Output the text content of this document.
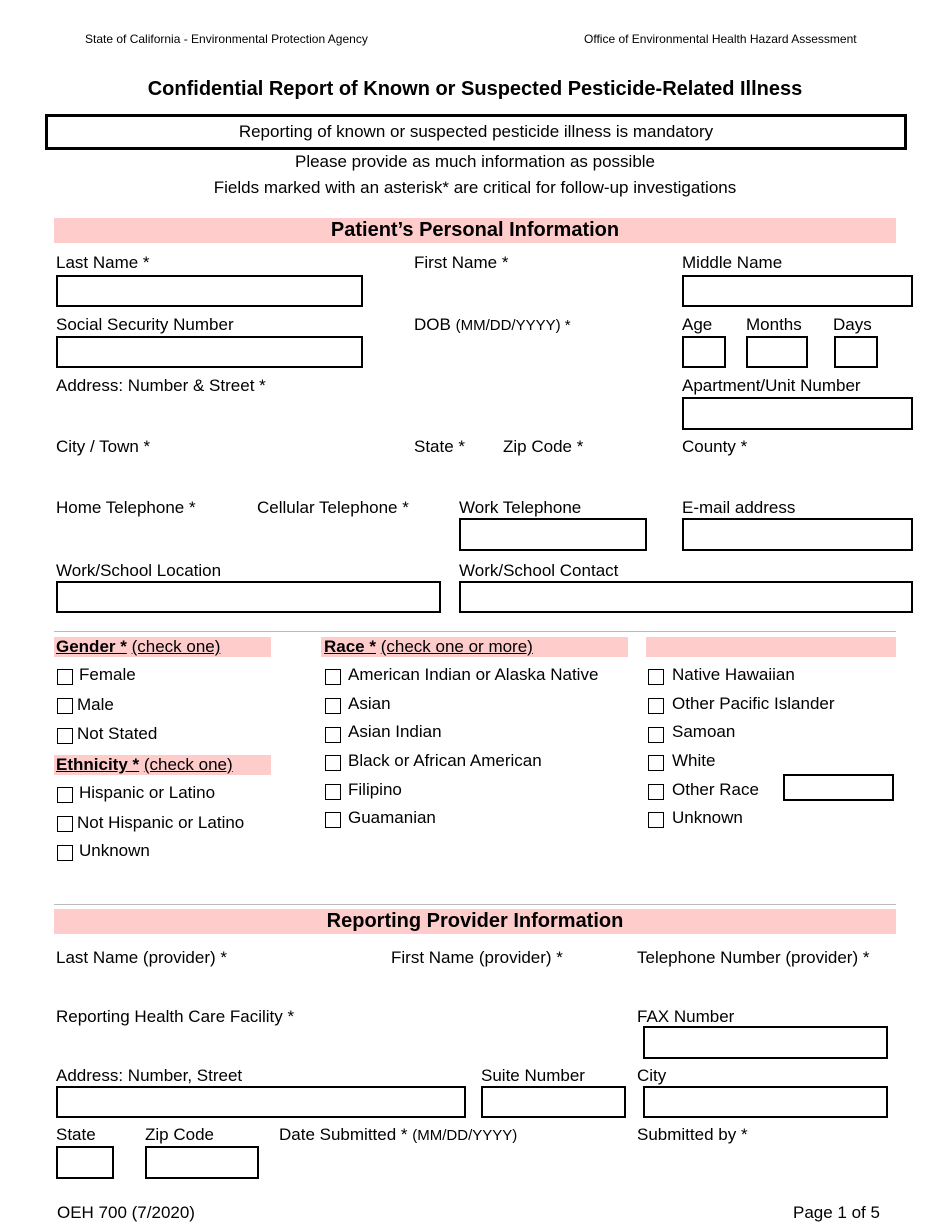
State of California - Environmental Protection Agency	Office of Environmental Health Hazard Assessment
Confidential Report of Known or Suspected Pesticide-Related Illness
Reporting of known or suspected pesticide illness is mandatory
Please provide as much information as possible
Fields marked with an asterisk* are critical for follow-up investigations
Patient’s Personal Information
Last Name *	First Name *	Middle Name
Social Security Number	DOB (MM/DD/YYYY) *	Age Months Days
Address: Number & Street *	Apartment/Unit Number
City / Town *	State * Zip Code *	County *
Home Telephone *	Cellular Telephone *	Work Telephone	E-mail address
Work/School Location	Work/School Contact
Gender * (check one)	Race * (check one or more)
Female
Male
Not Stated
Ethnicity * (check one)
Hispanic or Latino
Not Hispanic or Latino
Unknown
American Indian or Alaska Native
Asian
Asian Indian
Black or African American
Filipino
Guamanian
Native Hawaiian
Other Pacific Islander
Samoan
White
Other Race
Unknown
Reporting Provider Information
Last Name (provider) *	First Name (provider) *	Telephone Number (provider) *
Reporting Health Care Facility *	FAX Number
Address: Number, Street	Suite Number	City
State	Zip Code	Date Submitted * (MM/DD/YYYY)	Submitted by *
OEH 700 (7/2020)	Page 1 of 5
